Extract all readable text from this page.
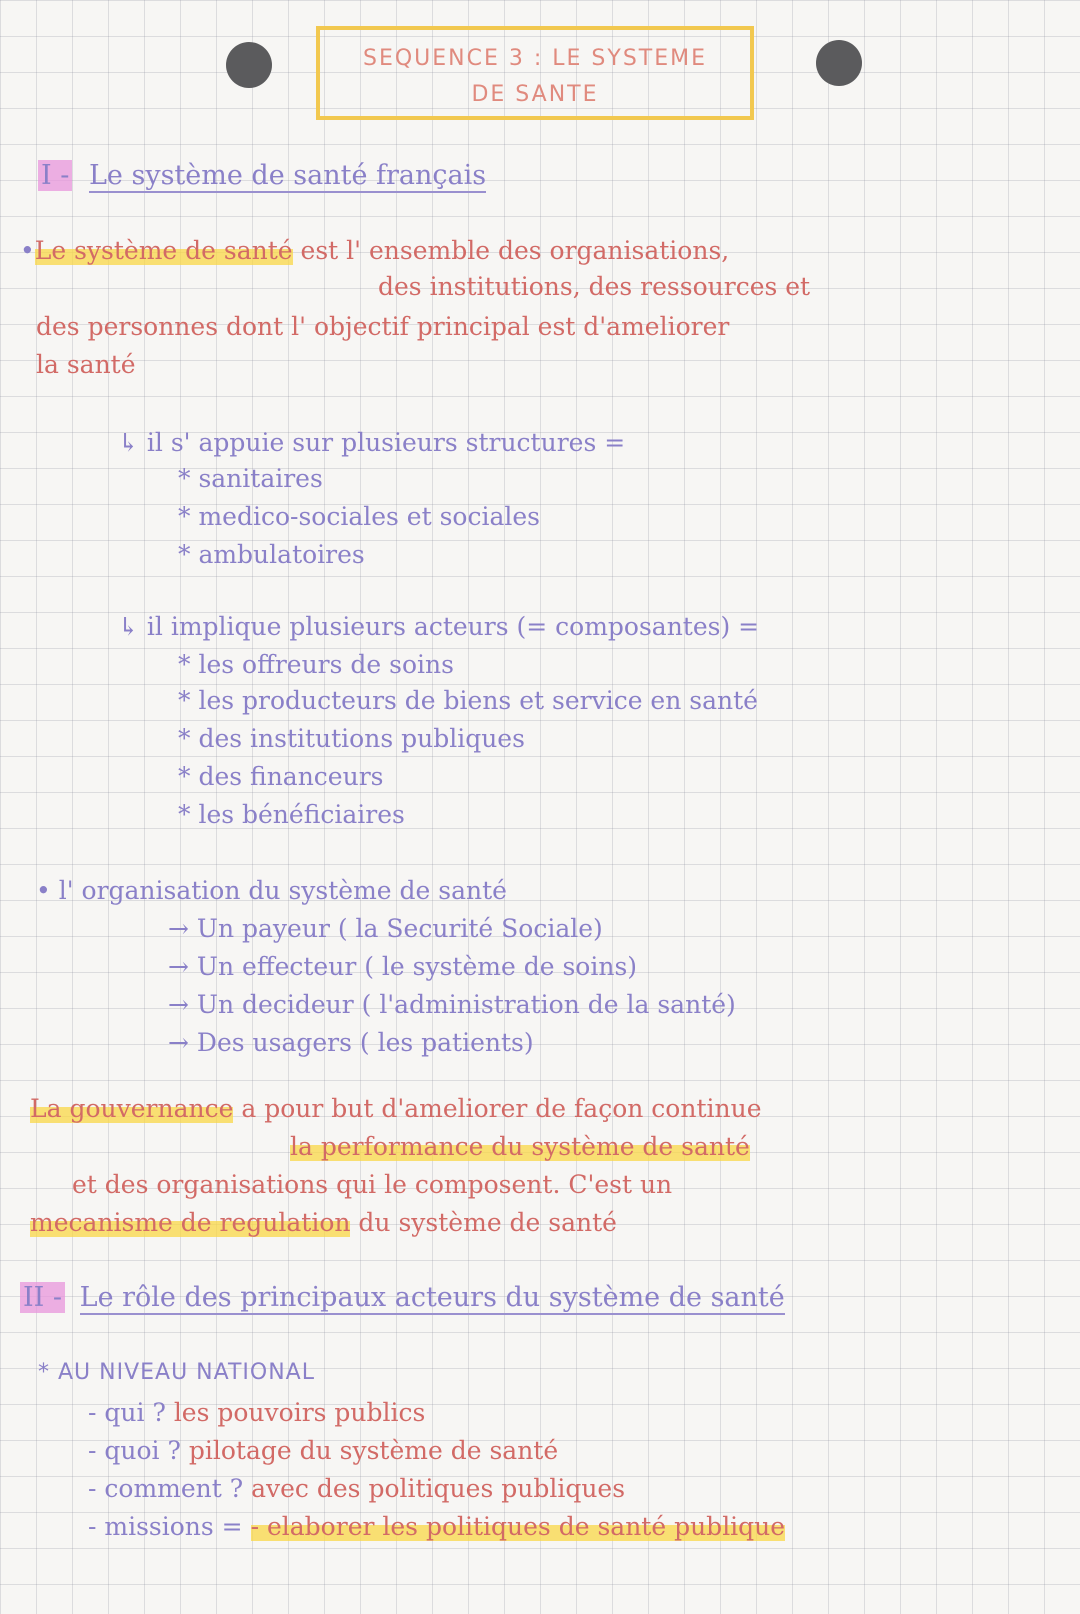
SEQUENCE 3 : LE SYSTEME
DE SANTE
I - Le système de santé français
•Le système de santé est l' ensemble des organisations,
des institutions, des ressources et
des personnes dont l' objectif principal est d'ameliorer
la santé
↳ il s' appuie sur plusieurs structures =
* sanitaires
* medico-sociales et sociales
* ambulatoires
↳ il implique plusieurs acteurs (= composantes) =
* les offreurs de soins
* les producteurs de biens et service en santé
* des institutions publiques
* des financeurs
* les bénéficiaires
• l' organisation du système de santé
→ Un payeur ( la Securité Sociale)
→ Un effecteur ( le système de soins)
→ Un decideur ( l'administration de la santé)
→ Des usagers ( les patients)
La gouvernance a pour but d'ameliorer de façon continue
la performance du système de santé
et des organisations qui le composent. C'est un
mecanisme de regulation du système de santé
II - Le rôle des principaux acteurs du système de santé
* AU NIVEAU NATIONAL
- qui ? les pouvoirs publics
- quoi ? pilotage du système de santé
- comment ? avec des politiques publiques
- missions = - elaborer les politiques de santé publique
